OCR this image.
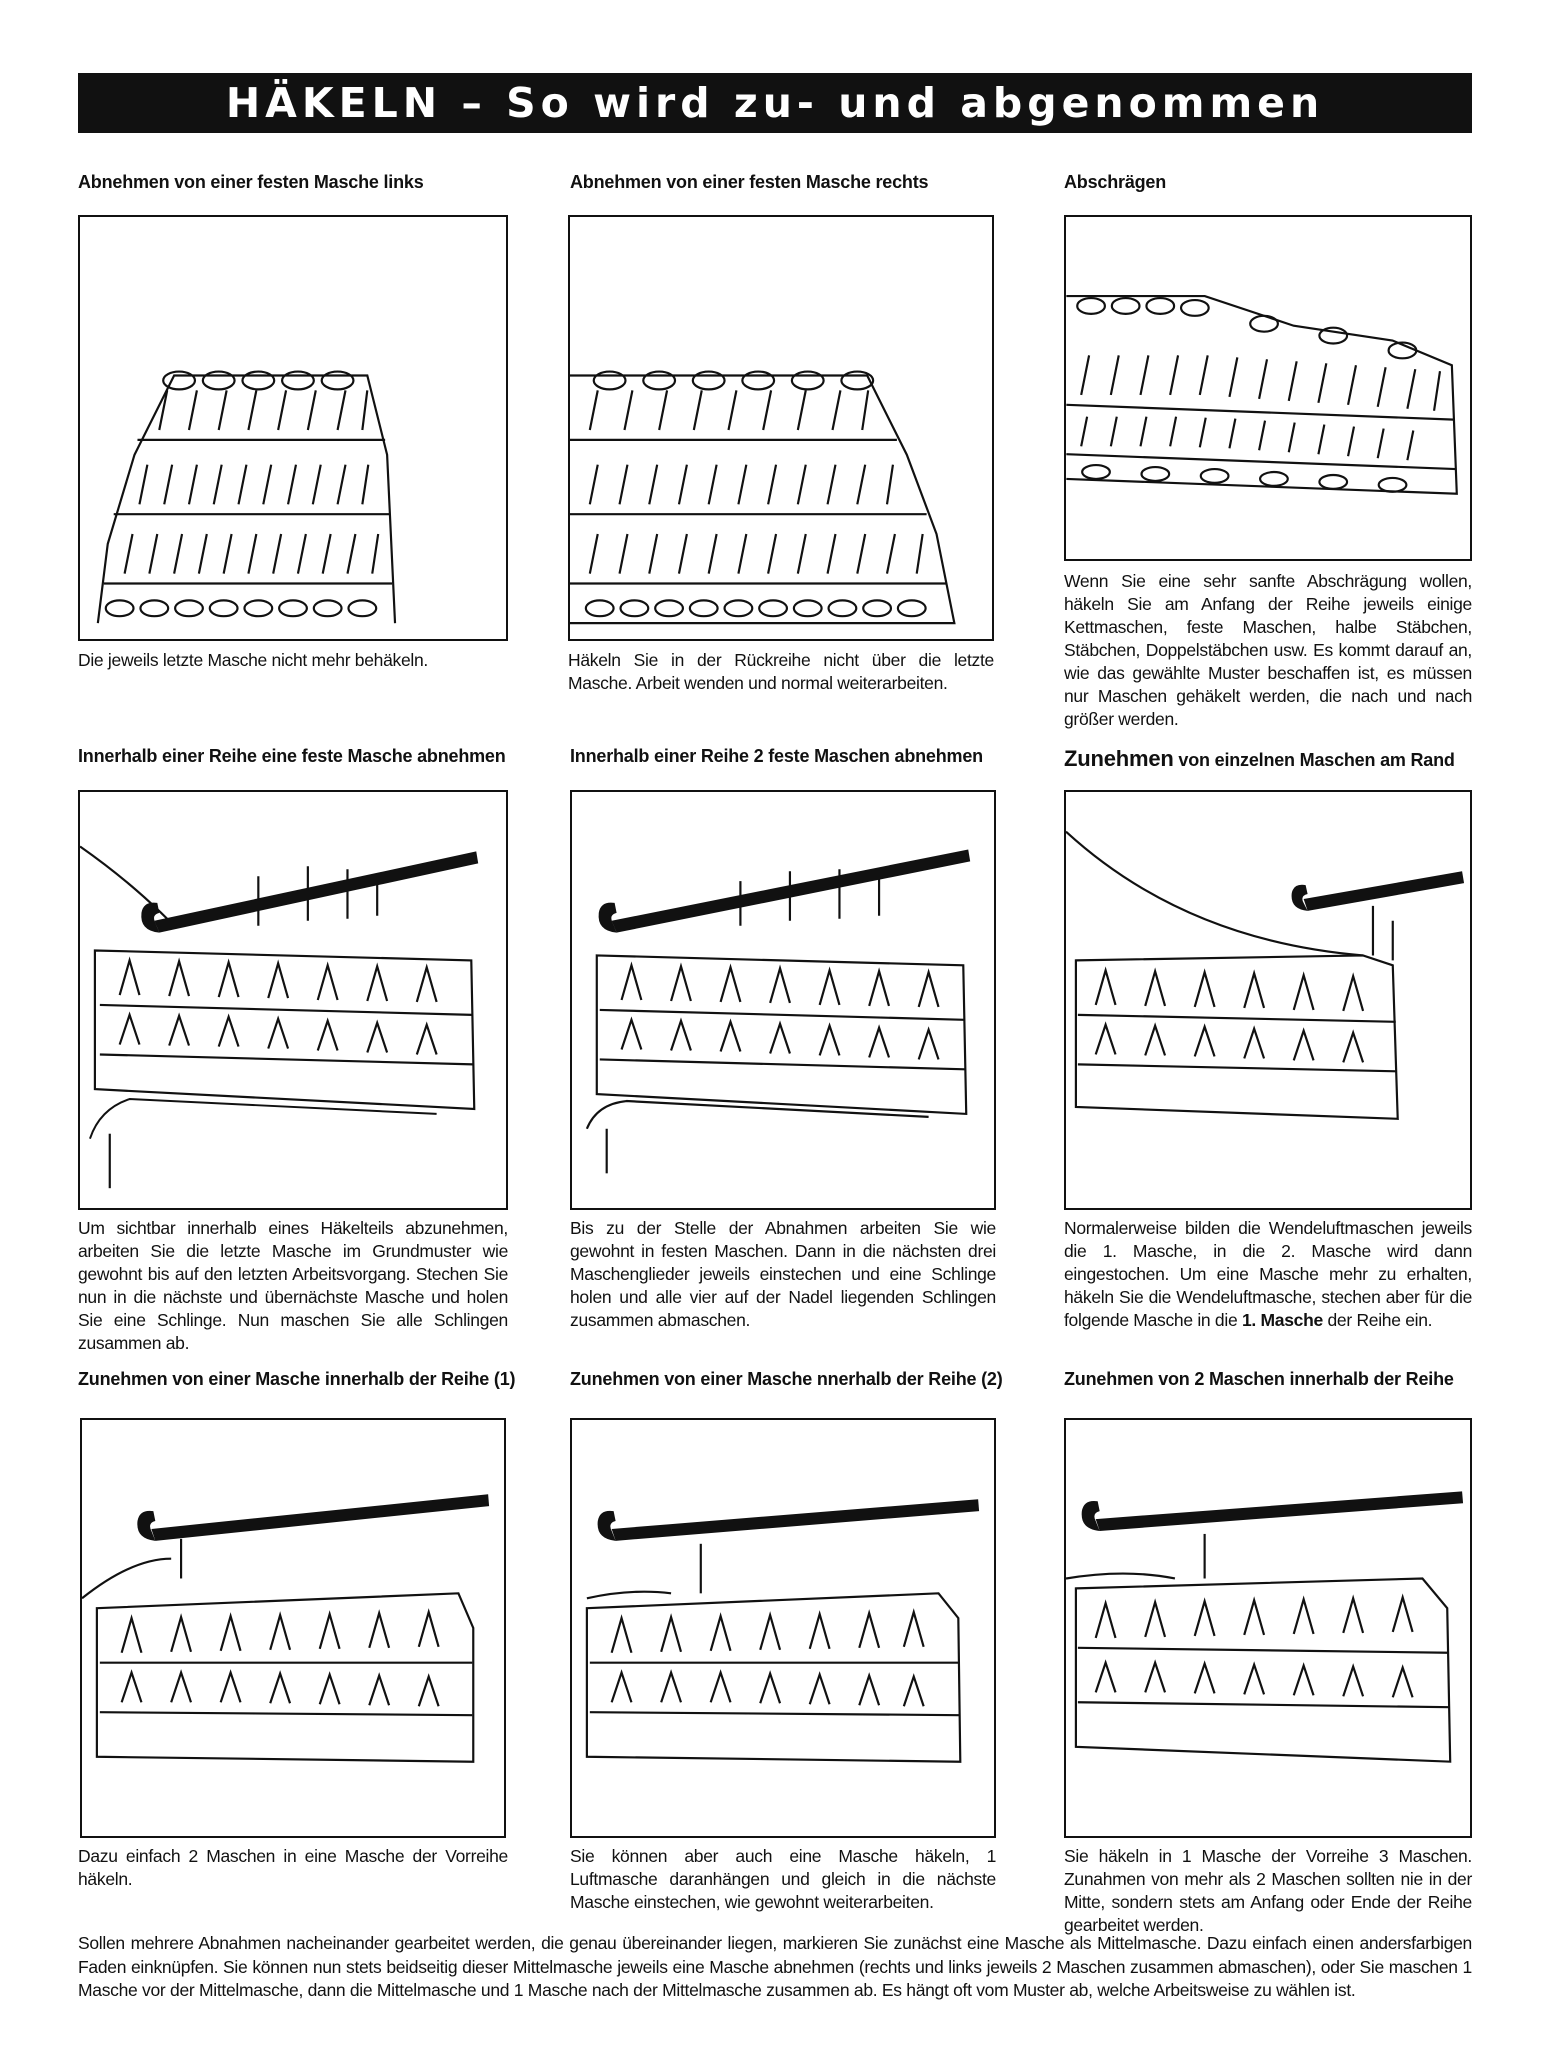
HÄKELN – So wird zu- und abgenommen
Abnehmen von einer festen Masche links
Die jeweils letzte Masche nicht mehr behäkeln.
Abnehmen von einer festen Masche rechts
Häkeln Sie in der Rückreihe nicht über die letzte Masche. Arbeit wenden und normal weiterarbeiten.
Abschrägen
Wenn Sie eine sehr sanfte Abschrägung wollen, häkeln Sie am Anfang der Reihe jeweils einige Kettmaschen, feste Maschen, halbe Stäbchen, Stäbchen, Doppelstäbchen usw. Es kommt darauf an, wie das gewählte Muster beschaffen ist, es müssen nur Maschen gehäkelt werden, die nach und nach größer werden.
Innerhalb einer Reihe eine feste Masche abnehmen
Um sichtbar innerhalb eines Häkelteils abzunehmen, arbeiten Sie die letzte Masche im Grundmuster wie gewohnt bis auf den letzten Arbeitsvorgang. Stechen Sie nun in die nächste und übernächste Masche und holen Sie eine Schlinge. Nun maschen Sie alle Schlingen zusammen ab.
Innerhalb einer Reihe 2 feste Maschen abnehmen
Bis zu der Stelle der Abnahmen arbeiten Sie wie gewohnt in festen Maschen. Dann in die nächsten drei Maschenglieder jeweils einstechen und eine Schlinge holen und alle vier auf der Nadel liegenden Schlingen zusammen abmaschen.
Zunehmen von einzelnen Maschen am Rand
Normalerweise bilden die Wendeluftmaschen jeweils die 1. Masche, in die 2. Masche wird dann eingestochen. Um eine Masche mehr zu erhalten, häkeln Sie die Wendeluftmasche, stechen aber für die folgende Masche in die 1. Masche der Reihe ein.
Zunehmen von einer Masche innerhalb der Reihe (1)
Dazu einfach 2 Maschen in eine Masche der Vorreihe häkeln.
Zunehmen von einer Masche nnerhalb der Reihe (2)
Sie können aber auch eine Masche häkeln, 1 Luftmasche daranhängen und gleich in die nächste Masche einstechen, wie gewohnt weiterarbeiten.
Zunehmen von 2 Maschen innerhalb der Reihe
Sie häkeln in 1 Masche der Vorreihe 3 Maschen. Zunahmen von mehr als 2 Maschen sollten nie in der Mitte, sondern stets am Anfang oder Ende der Reihe gearbeitet werden.
Sollen mehrere Abnahmen nacheinander gearbeitet werden, die genau übereinander liegen, markieren Sie zunächst eine Masche als Mittelmasche. Dazu einfach einen andersfarbigen Faden einknüpfen. Sie können nun stets beidseitig dieser Mittelmasche jeweils eine Masche abnehmen (rechts und links jeweils 2 Maschen zusammen abmaschen), oder Sie maschen 1 Masche vor der Mittelmasche, dann die Mittelmasche und 1 Masche nach der Mittelmasche zusammen ab. Es hängt oft vom Muster ab, welche Arbeitsweise zu wählen ist.
